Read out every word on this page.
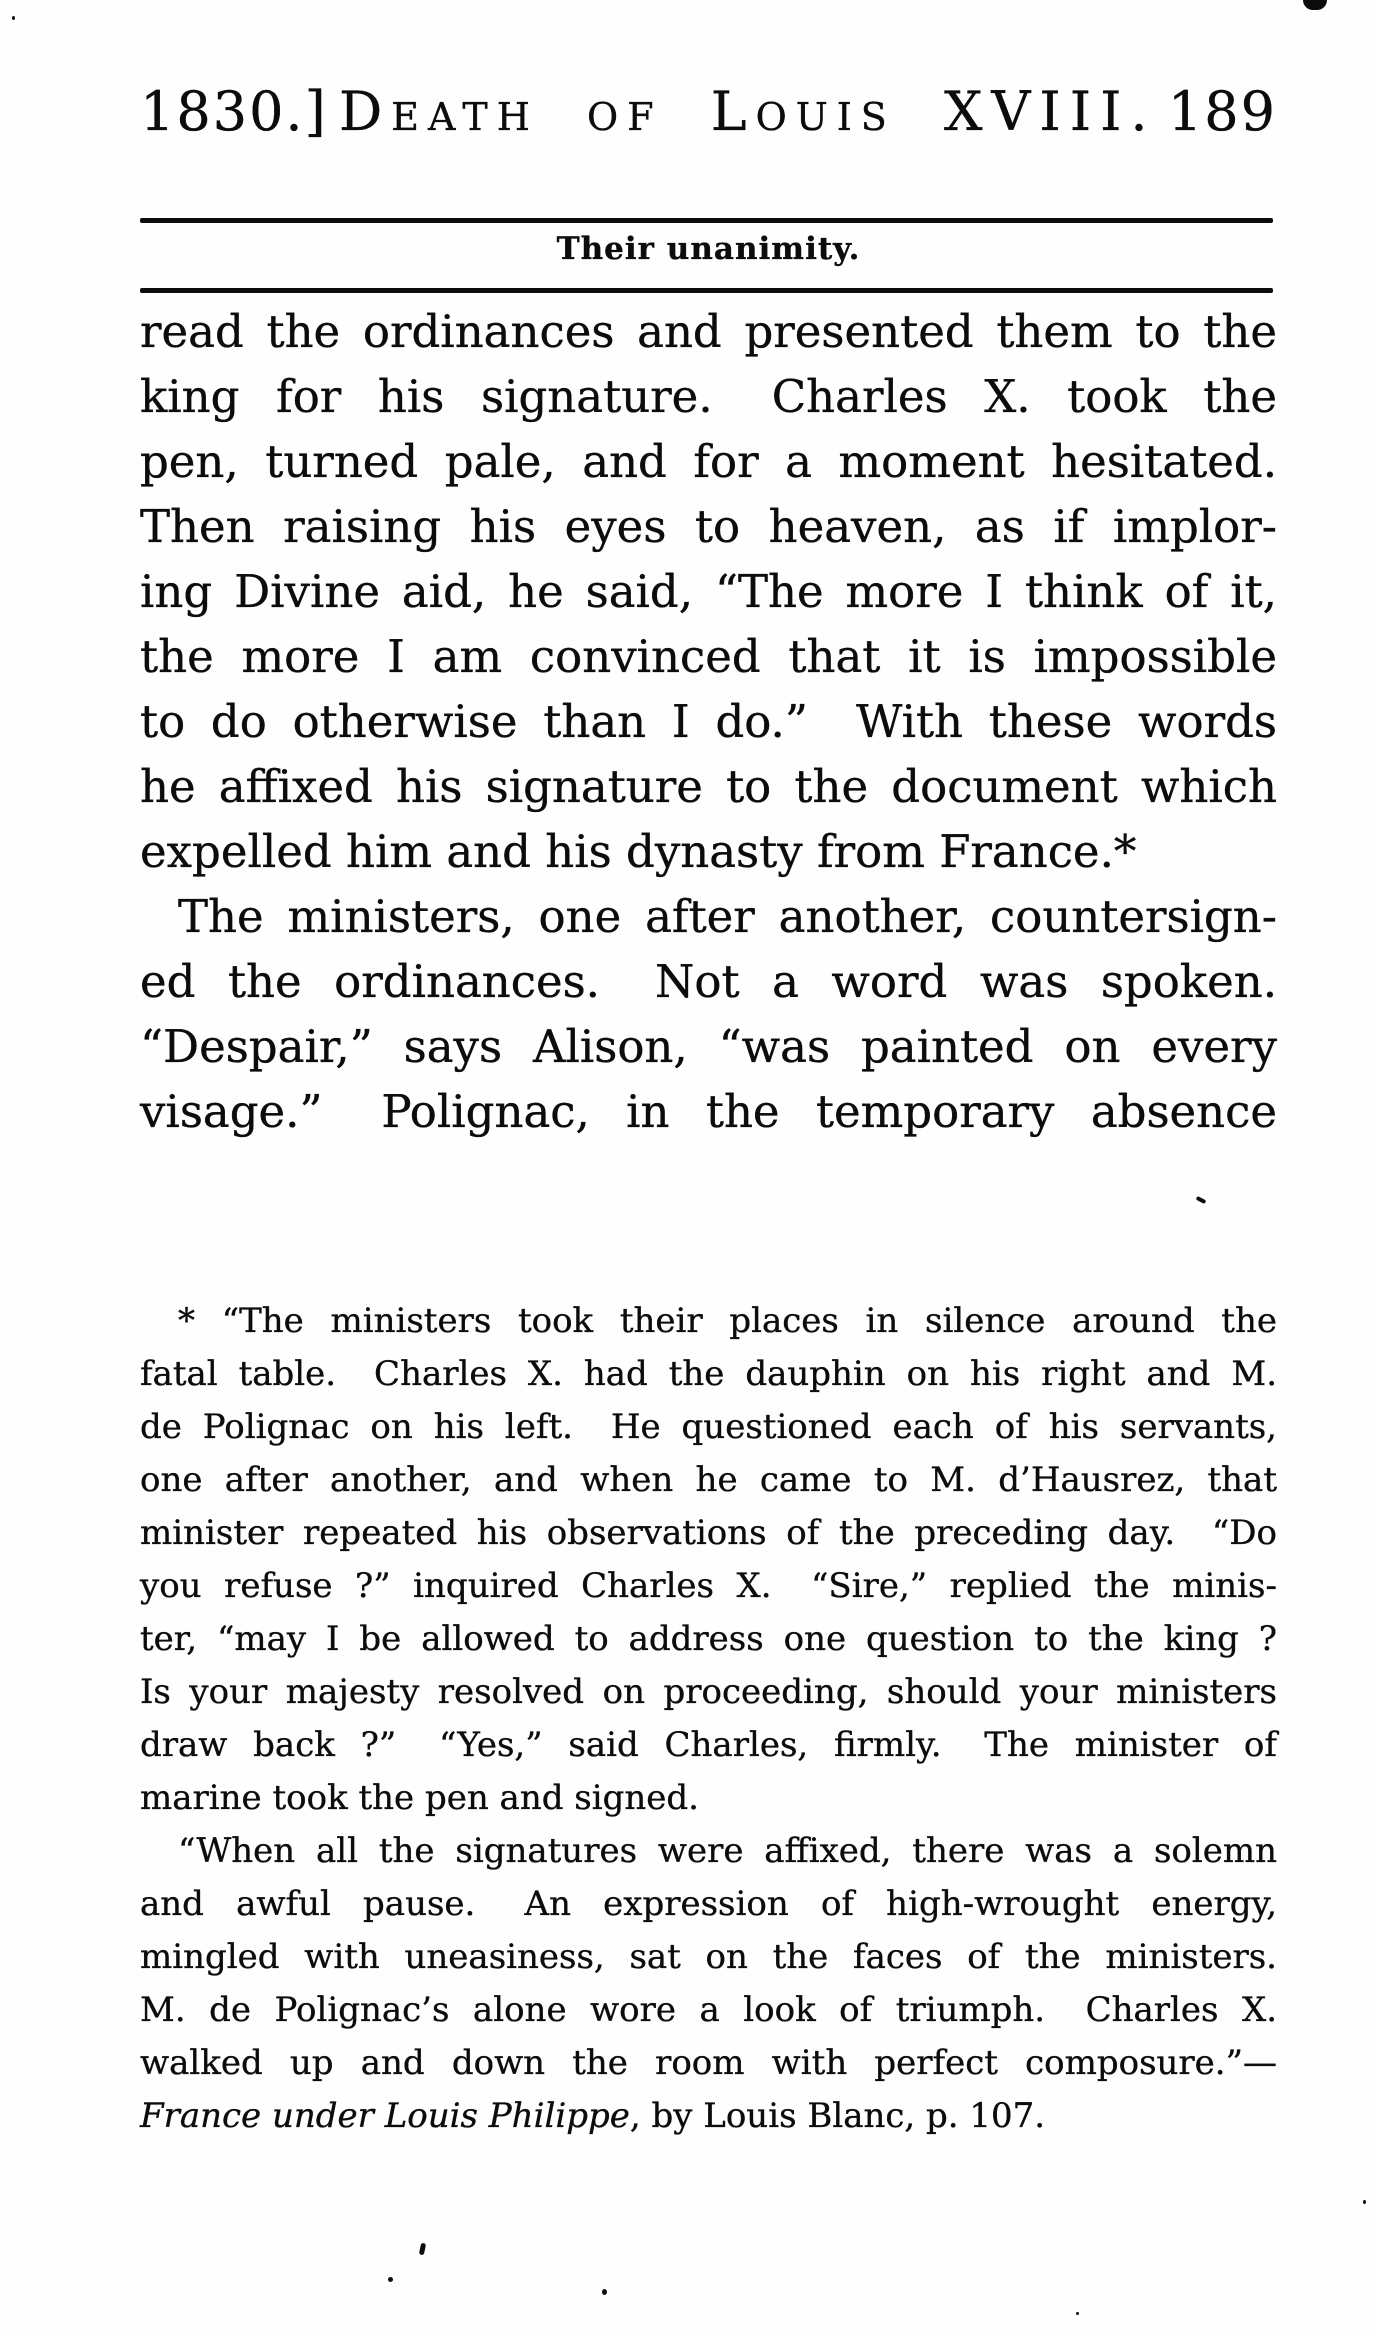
1830.] Death of Louis XVIII. 189
Their unanimity.
read the ordinances and presented them to the
king for his signature.  Charles X. took the
pen, turned pale, and for a moment hesitated.
Then raising his eyes to heaven, as if implor-
ing Divine aid, he said, “The more I think of it,
the more I am convinced that it is impossible
to do otherwise than I do.”  With these words
he affixed his signature to the document which
expelled him and his dynasty from France.*
The ministers, one after another, countersign-
ed the ordinances.  Not a word was spoken.
“Despair,” says Alison, “was painted on every
visage.”  Polignac, in the temporary absence
* “The ministers took their places in silence around the
fatal table.  Charles X. had the dauphin on his right and M.
de Polignac on his left.  He questioned each of his servants,
one after another, and when he came to M. d’Hausrez, that
minister repeated his observations of the preceding day.  “Do
you refuse ?” inquired Charles X.  “Sire,” replied the minis-
ter, “may I be allowed to address one question to the king ?
Is your majesty resolved on proceeding, should your ministers
draw back ?”  “Yes,” said Charles, firmly.  The minister of
marine took the pen and signed.
“When all the signatures were affixed, there was a solemn
and awful pause.  An expression of high-wrought energy,
mingled with uneasiness, sat on the faces of the ministers.
M. de Polignac’s alone wore a look of triumph.  Charles X.
walked up and down the room with perfect composure.”—
France under Louis Philippe, by Louis Blanc, p. 107.
